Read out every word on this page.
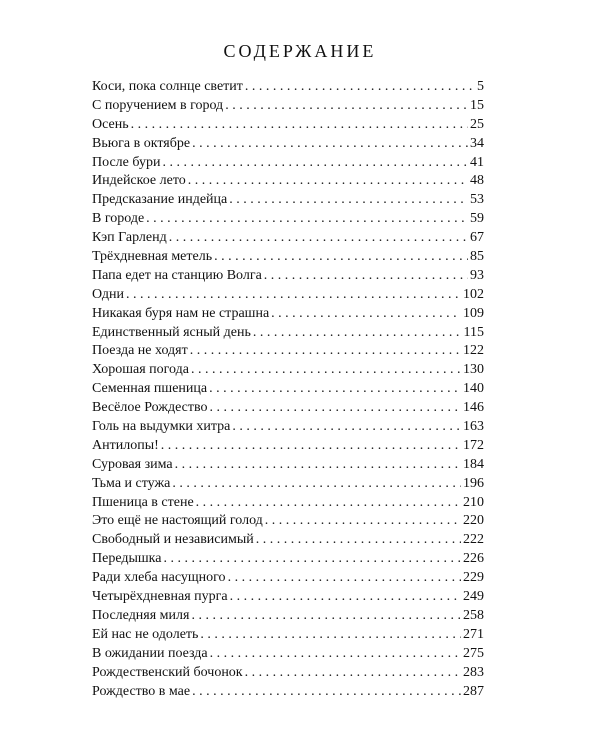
СОДЕРЖАНИЕ
Коси, пока солнце светит . . .	5
С поручением в город . . .	15
Осень . . .	25
Вьюга в октябре . . .	34
После бури . . .	41
Индейское лето . . .	48
Предсказание индейца . . .	53
В городе . . .	59
Кэп Гарленд . . .	67
Трёхдневная метель . . .	85
Папа едет на станцию Волга . . .	93
Одни . . .	102
Никакая буря нам не страшна . . .	109
Единственный ясный день . . .	115
Поезда не ходят . . .	122
Хорошая погода . . .	130
Семенная пшеница . . .	140
Весёлое Рождество . . .	146
Голь на выдумки хитра . . .	163
Антилопы! . . .	172
Суровая зима . . .	184
Тьма и стужа . . .	196
Пшеница в стене . . .	210
Это ещё не настоящий голод . . .	220
Свободный и независимый . . .	222
Передышка . . .	226
Ради хлеба насущного . . .	229
Четырёхдневная пурга . . .	249
Последняя миля . . .	258
Ей нас не одолеть . . .	271
В ожидании поезда . . .	275
Рождественский бочонок . . .	283
Рождество в мае . . .	287
